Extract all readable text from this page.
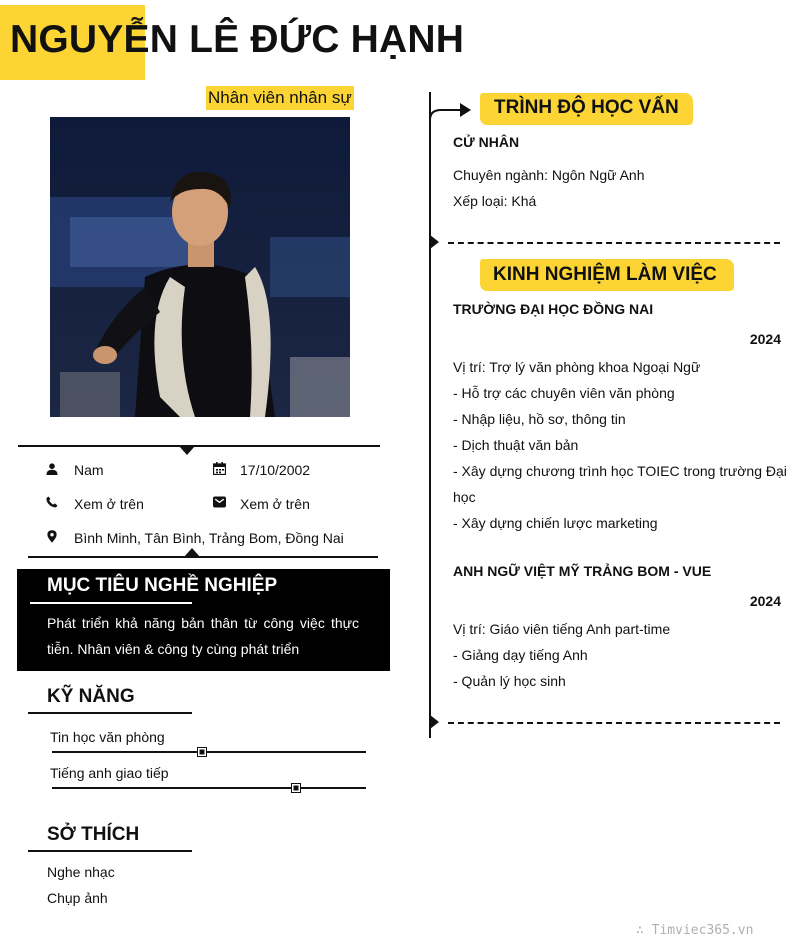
NGUYỄN LÊ ĐỨC HẠNH
Nhân viên nhân sự
Nam	17/10/2002
Xem ở trên	Xem ở trên
Bình Minh, Tân Bình, Trảng Bom, Đồng Nai
MỤC TIÊU NGHỀ NGHIỆP
Phát triển khả năng bản thân từ công việc thực tiễn. Nhân viên & công ty cùng phát triển
KỸ NĂNG
Tin học văn phòng
Tiếng anh giao tiếp
SỞ THÍCH
Nghe nhạc
Chụp ảnh
TRÌNH ĐỘ HỌC VẤN
CỬ NHÂN
Chuyên ngành: Ngôn Ngữ Anh
Xếp loại: Khá
KINH NGHIỆM LÀM VIỆC
TRƯỜNG ĐẠI HỌC ĐỒNG NAI
2024
Vị trí: Trợ lý văn phòng khoa Ngoại Ngữ
- Hỗ trợ các chuyên viên văn phòng
- Nhập liệu, hồ sơ, thông tin
- Dịch thuật văn bản
- Xây dựng chương trình học TOIEC trong trường Đại
học
- Xây dựng chiến lược marketing
ANH NGỮ VIỆT MỸ TRẢNG BOM - VUE
2024
Vị trí: Giáo viên tiếng Anh part-time
- Giảng dạy tiếng Anh
- Quản lý học sinh
∴ Timviec365.vn
